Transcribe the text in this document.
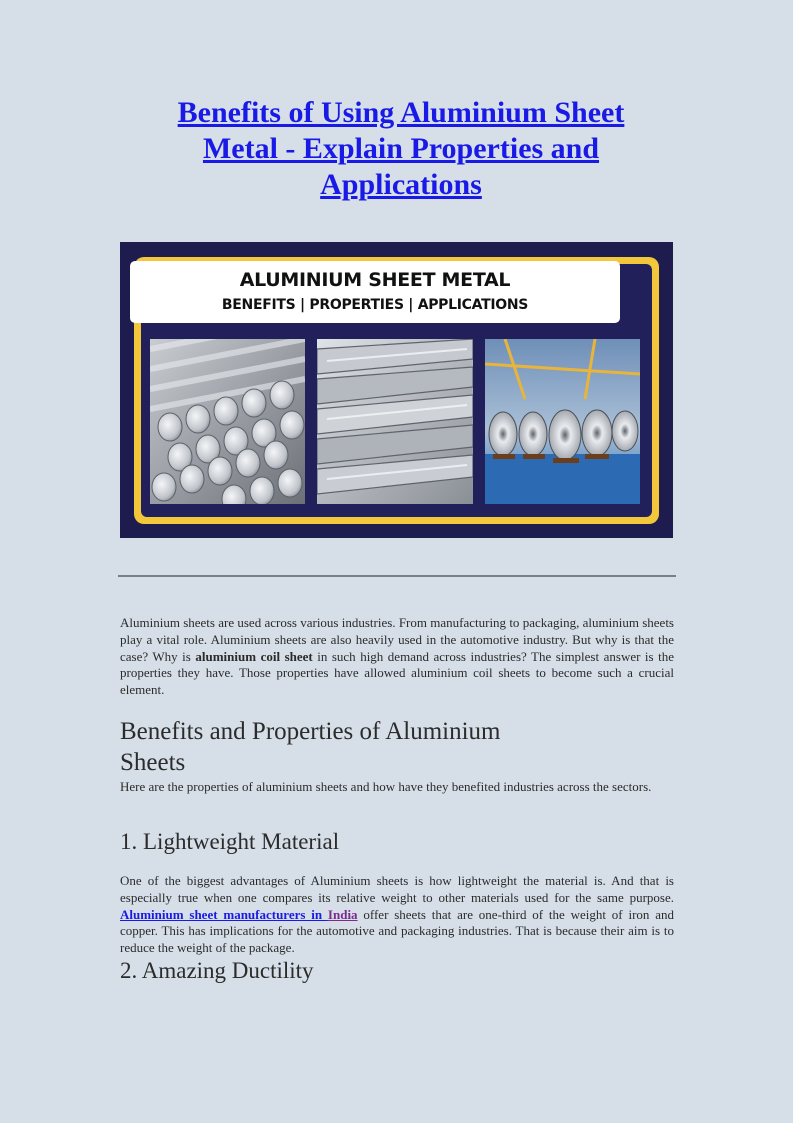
Benefits of Using Aluminium Sheet
Metal - Explain Properties and
Applications
ALUMINIUM SHEET METAL
BENEFITS | PROPERTIES | APPLICATIONS

Aluminium sheets are used across various industries. From manufacturing to packaging, aluminium sheets play a vital role. Aluminium sheets are also heavily used in the automotive industry. But why is that the case? Why is aluminium coil sheet in such high demand across industries? The simplest answer is the properties they have. Those properties have allowed aluminium coil sheets to become such a crucial element.

Benefits and Properties of Aluminium Sheets

Here are the properties of aluminium sheets and how have they benefited industries across the sectors.

1. Lightweight Material

One of the biggest advantages of Aluminium sheets is how lightweight the material is. And that is especially true when one compares its relative weight to other materials used for the same purpose. Aluminium sheet manufacturers in India offer sheets that are one-third of the weight of iron and copper. This has implications for the automotive and packaging industries. That is because their aim is to reduce the weight of the package.

2. Amazing Ductility
